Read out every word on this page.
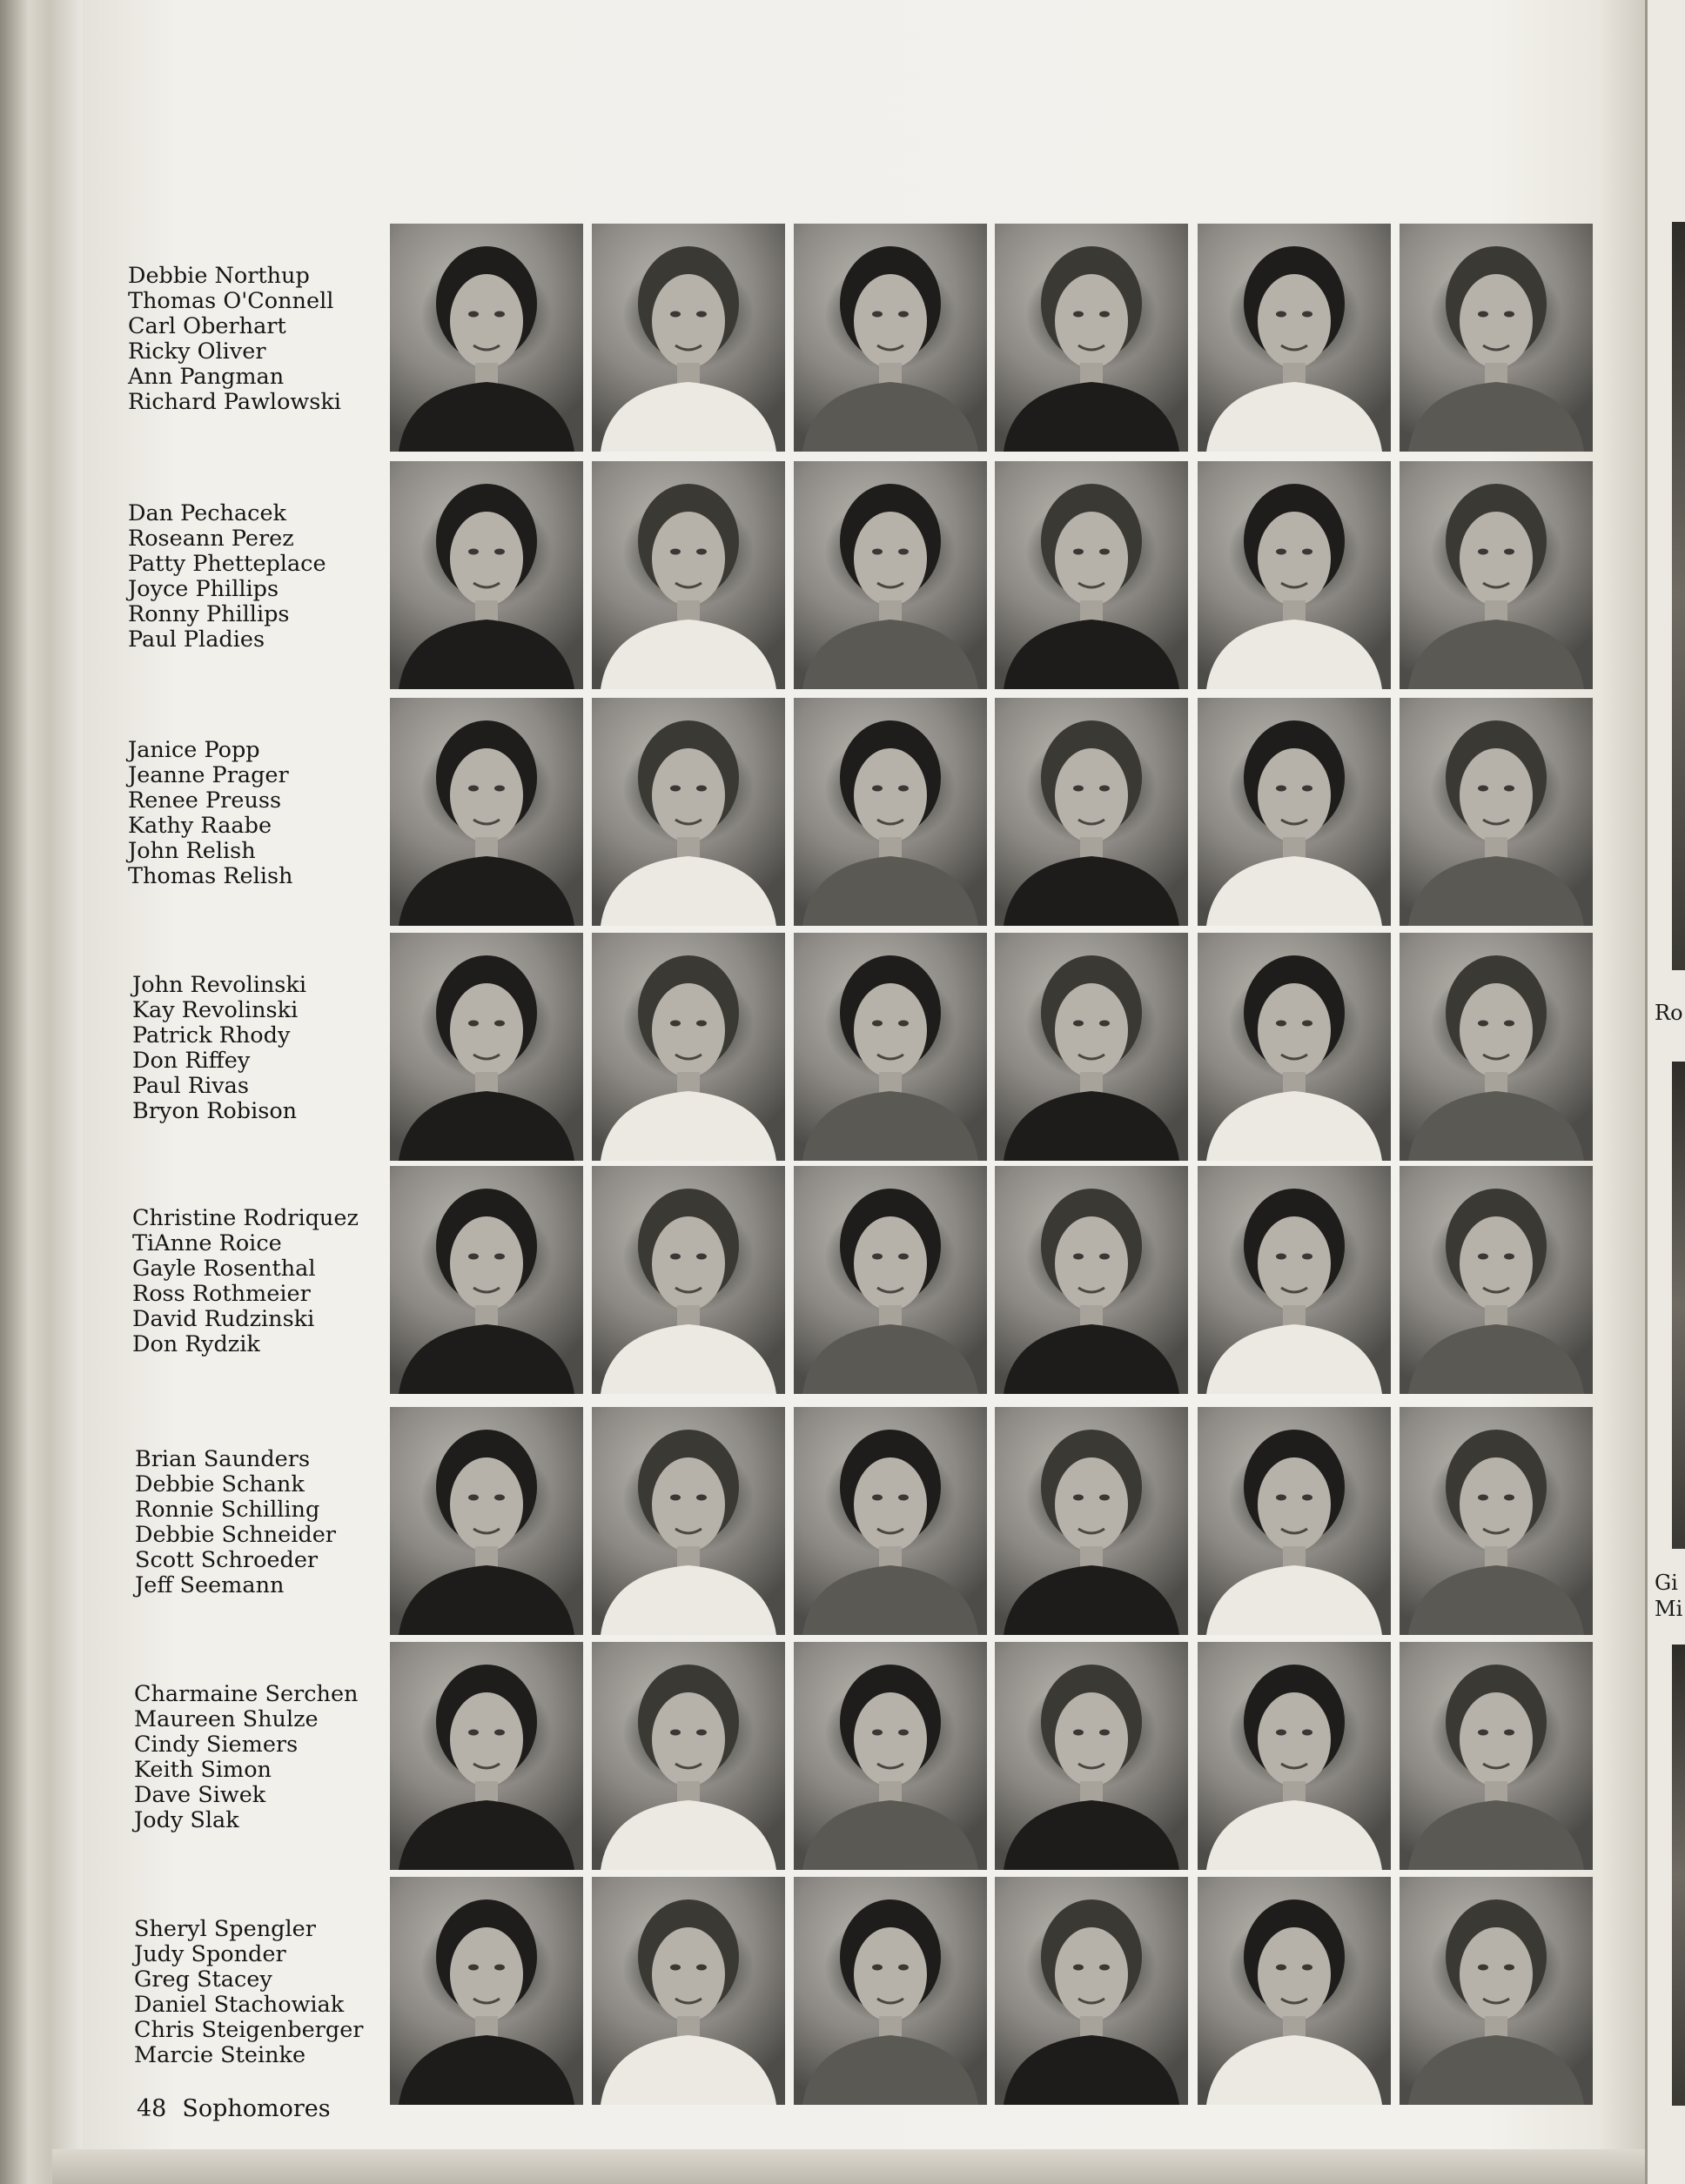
Debbie Northup
Thomas O'Connell
Carl Oberhart
Ricky Oliver
Ann Pangman
Richard Pawlowski
Dan Pechacek
Roseann Perez
Patty Phetteplace
Joyce Phillips
Ronny Phillips
Paul Pladies
Janice Popp
Jeanne Prager
Renee Preuss
Kathy Raabe
John Relish
Thomas Relish
John Revolinski
Kay Revolinski
Patrick Rhody
Don Riffey
Paul Rivas
Bryon Robison
Christine Rodriquez
TiAnne Roice
Gayle Rosenthal
Ross Rothmeier
David Rudzinski
Don Rydzik
Brian Saunders
Debbie Schank
Ronnie Schilling
Debbie Schneider
Scott Schroeder
Jeff Seemann
Charmaine Serchen
Maureen Shulze
Cindy Siemers
Keith Simon
Dave Siwek
Jody Slak
Sheryl Spengler
Judy Sponder
Greg Stacey
Daniel Stachowiak
Chris Steigenberger
Marcie Steinke
Ro
Gi
Mi
48 Sophomores
